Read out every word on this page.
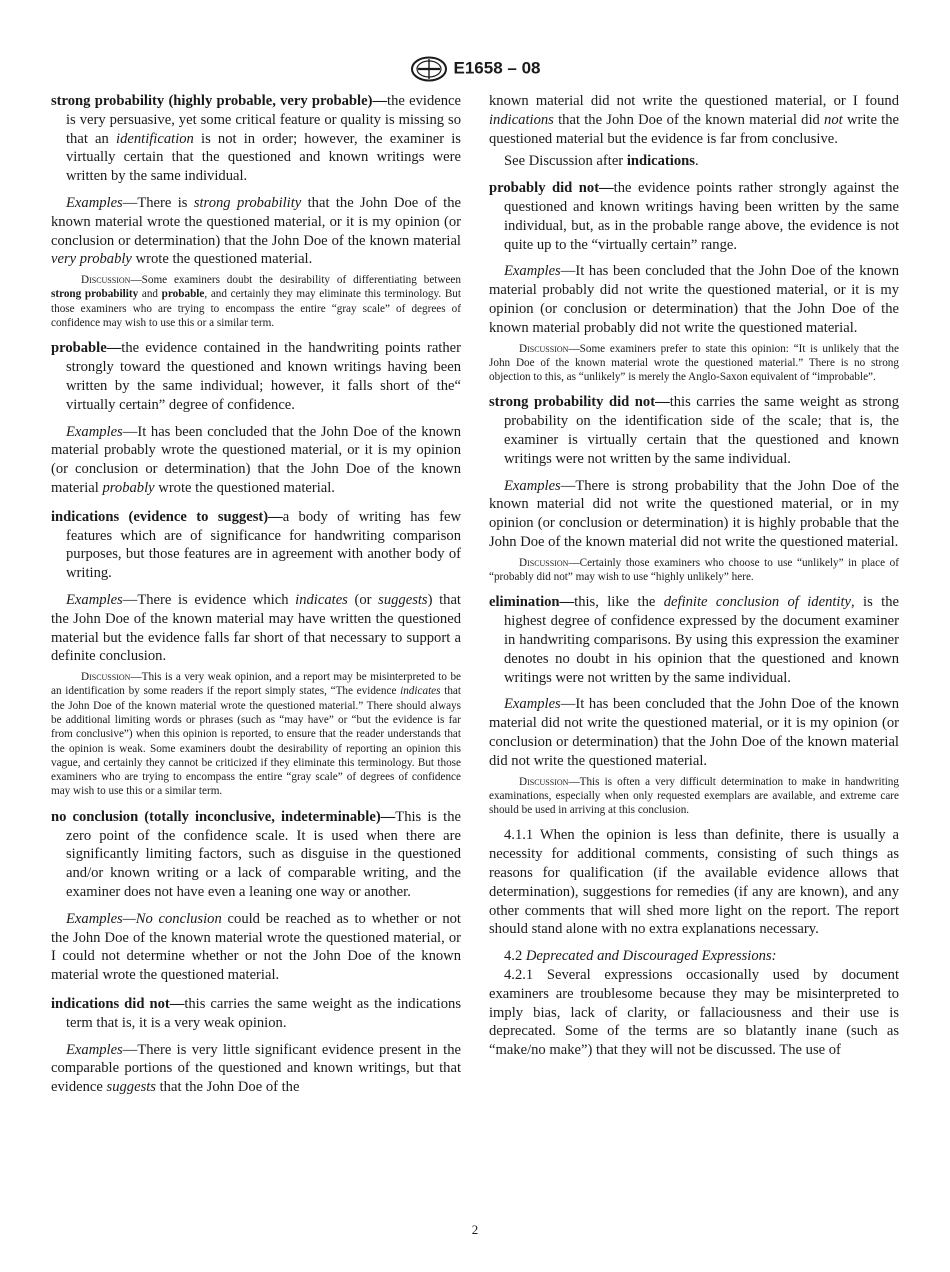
E1658 – 08

strong probability (highly probable, very probable)—the evidence is very persuasive, yet some critical feature or quality is missing so that an identification is not in order; however, the examiner is virtually certain that the questioned and known writings were written by the same individual.

Examples—There is strong probability that the John Doe of the known material wrote the questioned material, or it is my opinion (or conclusion or determination) that the John Doe of the known material very probably wrote the questioned material.

Discussion—Some examiners doubt the desirability of differentiating between strong probability and probable, and certainly they may eliminate this terminology. But those examiners who are trying to encompass the entire “gray scale” of degrees of confidence may wish to use this or a similar term.

probable—the evidence contained in the handwriting points rather strongly toward the questioned and known writings having been written by the same individual; however, it falls short of the“ virtually certain” degree of confidence.

Examples—It has been concluded that the John Doe of the known material probably wrote the questioned material, or it is my opinion (or conclusion or determination) that the John Doe of the known material probably wrote the questioned material.

indications (evidence to suggest)—a body of writing has few features which are of significance for handwriting comparison purposes, but those features are in agreement with another body of writing.

Examples—There is evidence which indicates (or suggests) that the John Doe of the known material may have written the questioned material but the evidence falls far short of that necessary to support a definite conclusion.

Discussion—This is a very weak opinion, and a report may be misinterpreted to be an identification by some readers if the report simply states, “The evidence indicates that the John Doe of the known material wrote the questioned material.” There should always be additional limiting words or phrases (such as “may have” or “but the evidence is far from conclusive”) when this opinion is reported, to ensure that the reader understands that the opinion is weak. Some examiners doubt the desirability of reporting an opinion this vague, and certainly they cannot be criticized if they eliminate this terminology. But those examiners who are trying to encompass the entire “gray scale” of degrees of confidence may wish to use this or a similar term.

no conclusion (totally inconclusive, indeterminable)—This is the zero point of the confidence scale. It is used when there are significantly limiting factors, such as disguise in the questioned and/or known writing or a lack of comparable writing, and the examiner does not have even a leaning one way or another.

Examples—No conclusion could be reached as to whether or not the John Doe of the known material wrote the questioned material, or I could not determine whether or not the John Doe of the known material wrote the questioned material.

indications did not—this carries the same weight as the indications term that is, it is a very weak opinion.

Examples—There is very little significant evidence present in the comparable portions of the questioned and known writings, but that evidence suggests that the John Doe of the

known material did not write the questioned material, or I found indications that the John Doe of the known material did not write the questioned material but the evidence is far from conclusive.

See Discussion after indications.

probably did not—the evidence points rather strongly against the questioned and known writings having been written by the same individual, but, as in the probable range above, the evidence is not quite up to the “virtually certain” range.

Examples—It has been concluded that the John Doe of the known material probably did not write the questioned material, or it is my opinion (or conclusion or determination) that the John Doe of the known material probably did not write the questioned material.

Discussion—Some examiners prefer to state this opinion: “It is unlikely that the John Doe of the known material wrote the questioned material.” There is no strong objection to this, as “unlikely” is merely the Anglo-Saxon equivalent of “improbable”.

strong probability did not—this carries the same weight as strong probability on the identification side of the scale; that is, the examiner is virtually certain that the questioned and known writings were not written by the same individual.

Examples—There is strong probability that the John Doe of the known material did not write the questioned material, or in my opinion (or conclusion or determination) it is highly probable that the John Doe of the known material did not write the questioned material.

Discussion—Certainly those examiners who choose to use “unlikely” in place of “probably did not” may wish to use “highly unlikely” here.

elimination—this, like the definite conclusion of identity, is the highest degree of confidence expressed by the document examiner in handwriting comparisons. By using this expression the examiner denotes no doubt in his opinion that the questioned and known writings were not written by the same individual.

Examples—It has been concluded that the John Doe of the known material did not write the questioned material, or it is my opinion (or conclusion or determination) that the John Doe of the known material did not write the questioned material.

Discussion—This is often a very difficult determination to make in handwriting examinations, especially when only requested exemplars are available, and extreme care should be used in arriving at this conclusion.

4.1.1 When the opinion is less than definite, there is usually a necessity for additional comments, consisting of such things as reasons for qualification (if the available evidence allows that determination), suggestions for remedies (if any are known), and any other comments that will shed more light on the report. The report should stand alone with no extra explanations necessary.

4.2 Deprecated and Discouraged Expressions:

4.2.1 Several expressions occasionally used by document examiners are troublesome because they may be misinterpreted to imply bias, lack of clarity, or fallaciousness and their use is deprecated. Some of the terms are so blatantly inane (such as “make/no make”) that they will not be discussed. The use of

2
